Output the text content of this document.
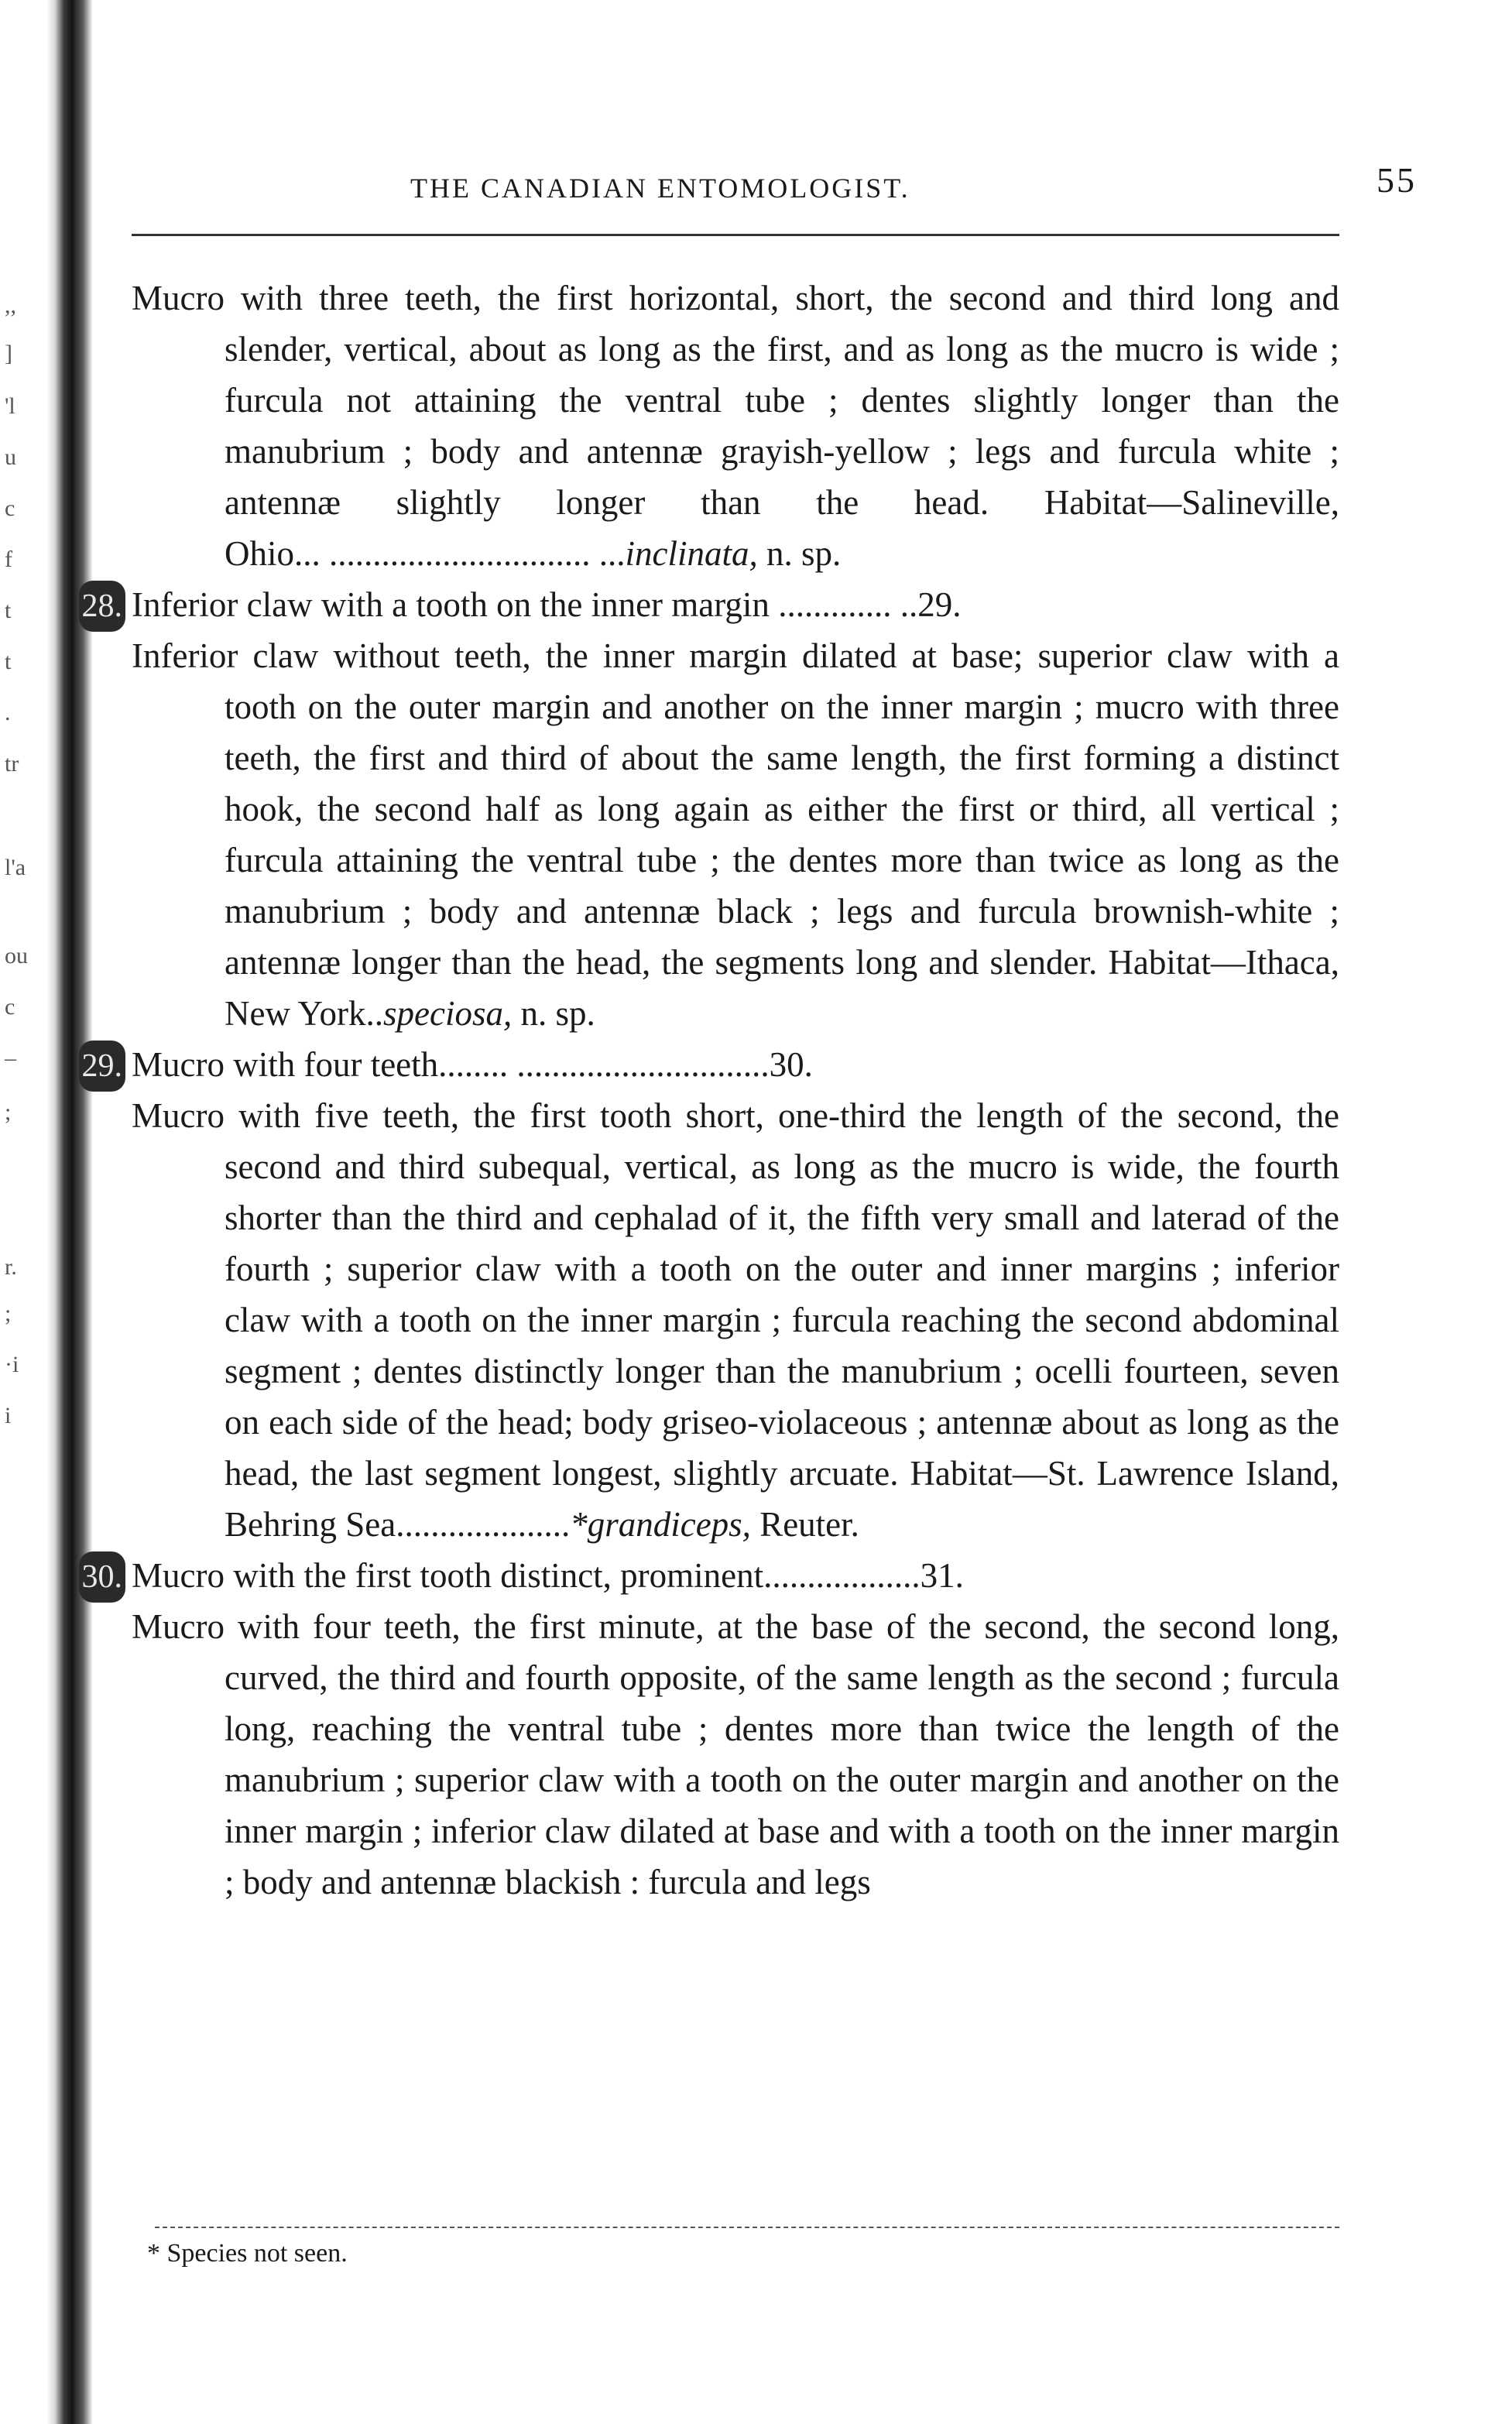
,,
]
'l
u
c
f
t
t
.
tr
l'a
ou
c
–
;
r.
;
·i
i
THE CANADIAN ENTOMOLOGIST.	55

Mucro with three teeth, the first horizontal, short, the second and third long and slender, vertical, about as long as the first, and as long as the mucro is wide ; furcula not attaining the ventral tube ; dentes slightly longer than the manubrium ; body and antennæ grayish-yellow ; legs and furcula white ; antennæ slightly longer than the head. Habitat—Salineville, Ohio... .............................. ...inclinata, n. sp.

28. Inferior claw with a tooth on the inner margin ............. ..29.

Inferior claw without teeth, the inner margin dilated at base; superior claw with a tooth on the outer margin and another on the inner margin ; mucro with three teeth, the first and third of about the same length, the first forming a distinct hook, the second half as long again as either the first or third, all vertical ; furcula attaining the ventral tube ; the dentes more than twice as long as the manubrium ; body and antennæ black ; legs and furcula brownish-white ; antennæ longer than the head, the segments long and slender. Habitat—Ithaca, New York..speciosa, n. sp.

29. Mucro with four teeth........ .............................30.

Mucro with five teeth, the first tooth short, one-third the length of the second, the second and third subequal, vertical, as long as the mucro is wide, the fourth shorter than the third and cephalad of it, the fifth very small and laterad of the fourth ; superior claw with a tooth on the outer and inner margins ; inferior claw with a tooth on the inner margin ; furcula reaching the second abdominal segment ; dentes distinctly longer than the manubrium ; ocelli fourteen, seven on each side of the head; body griseo-violaceous ; antennæ about as long as the head, the last segment longest, slightly arcuate. Habitat—St. Lawrence Island, Behring Sea....................*grandiceps, Reuter.

30. Mucro with the first tooth distinct, prominent..................31.

Mucro with four teeth, the first minute, at the base of the second, the second long, curved, the third and fourth opposite, of the same length as the second ; furcula long, reaching the ventral tube ; dentes more than twice the length of the manubrium ; superior claw with a tooth on the outer margin and another on the inner margin ; inferior claw dilated at base and with a tooth on the inner margin ; body and antennæ blackish : furcula and legs

* Species not seen.
